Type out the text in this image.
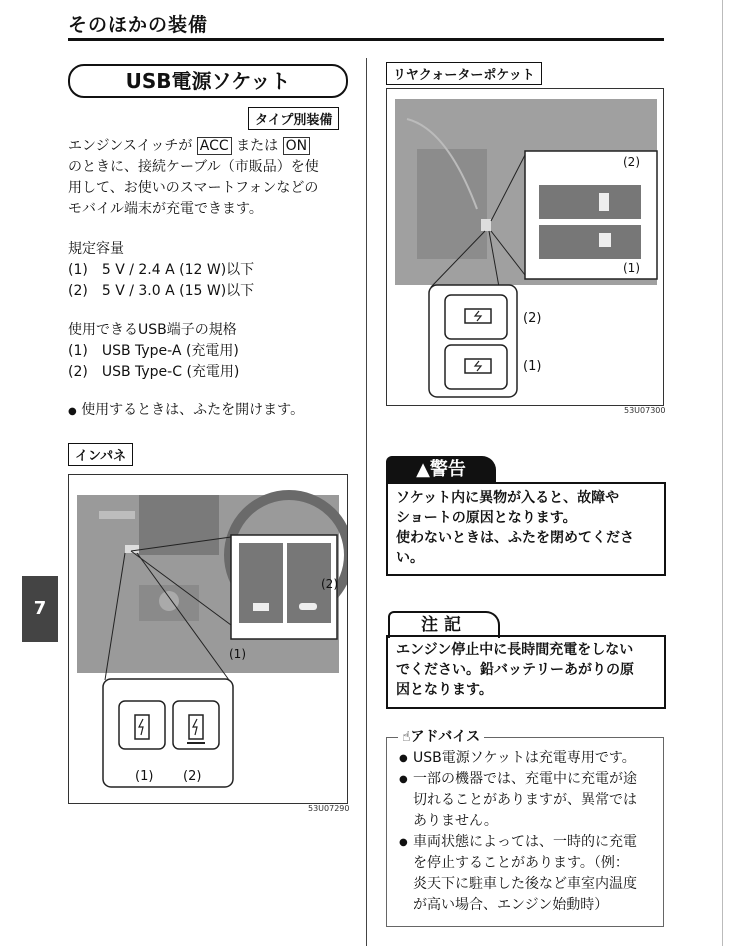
そのほかの装備
USB電源ソケット
タイプ別装備
エンジンスイッチが ACC または ON
のときに、接続ケーブル（市販品）を使
用して、お使いのスマートフォンなどの
モバイル端末が充電できます。
規定容量
(1)　5 V / 2.4 A (12 W)以下
(2)　5 V / 3.0 A (15 W)以下
使用できるUSB端子の規格
(1)　USB Type-A (充電用)
(2)　USB Type-C (充電用)
● 使用するときは、ふたを開けます。
インパネ
(1)
(2)
(1) (2)
53U07290
7
リヤクォーターポケット
(2)
(1)
(2)
(1)
53U07300
▲警告
ソケット内に異物が入ると、故障や
ショートの原因となります。
使わないときは、ふたを閉めてくださ
い。
注記
エンジン停止中に長時間充電をしない
でください。鉛バッテリーあがりの原
因となります。
● USB電源ソケットは充電専用です。
● 一部の機器では、充電中に充電が途
切れることがありますが、異常では
ありません。
● 車両状態によっては、一時的に充電
を停止することがあります。（例：
炎天下に駐車した後など車室内温度
が高い場合、エンジン始動時）
☝アドバイス
